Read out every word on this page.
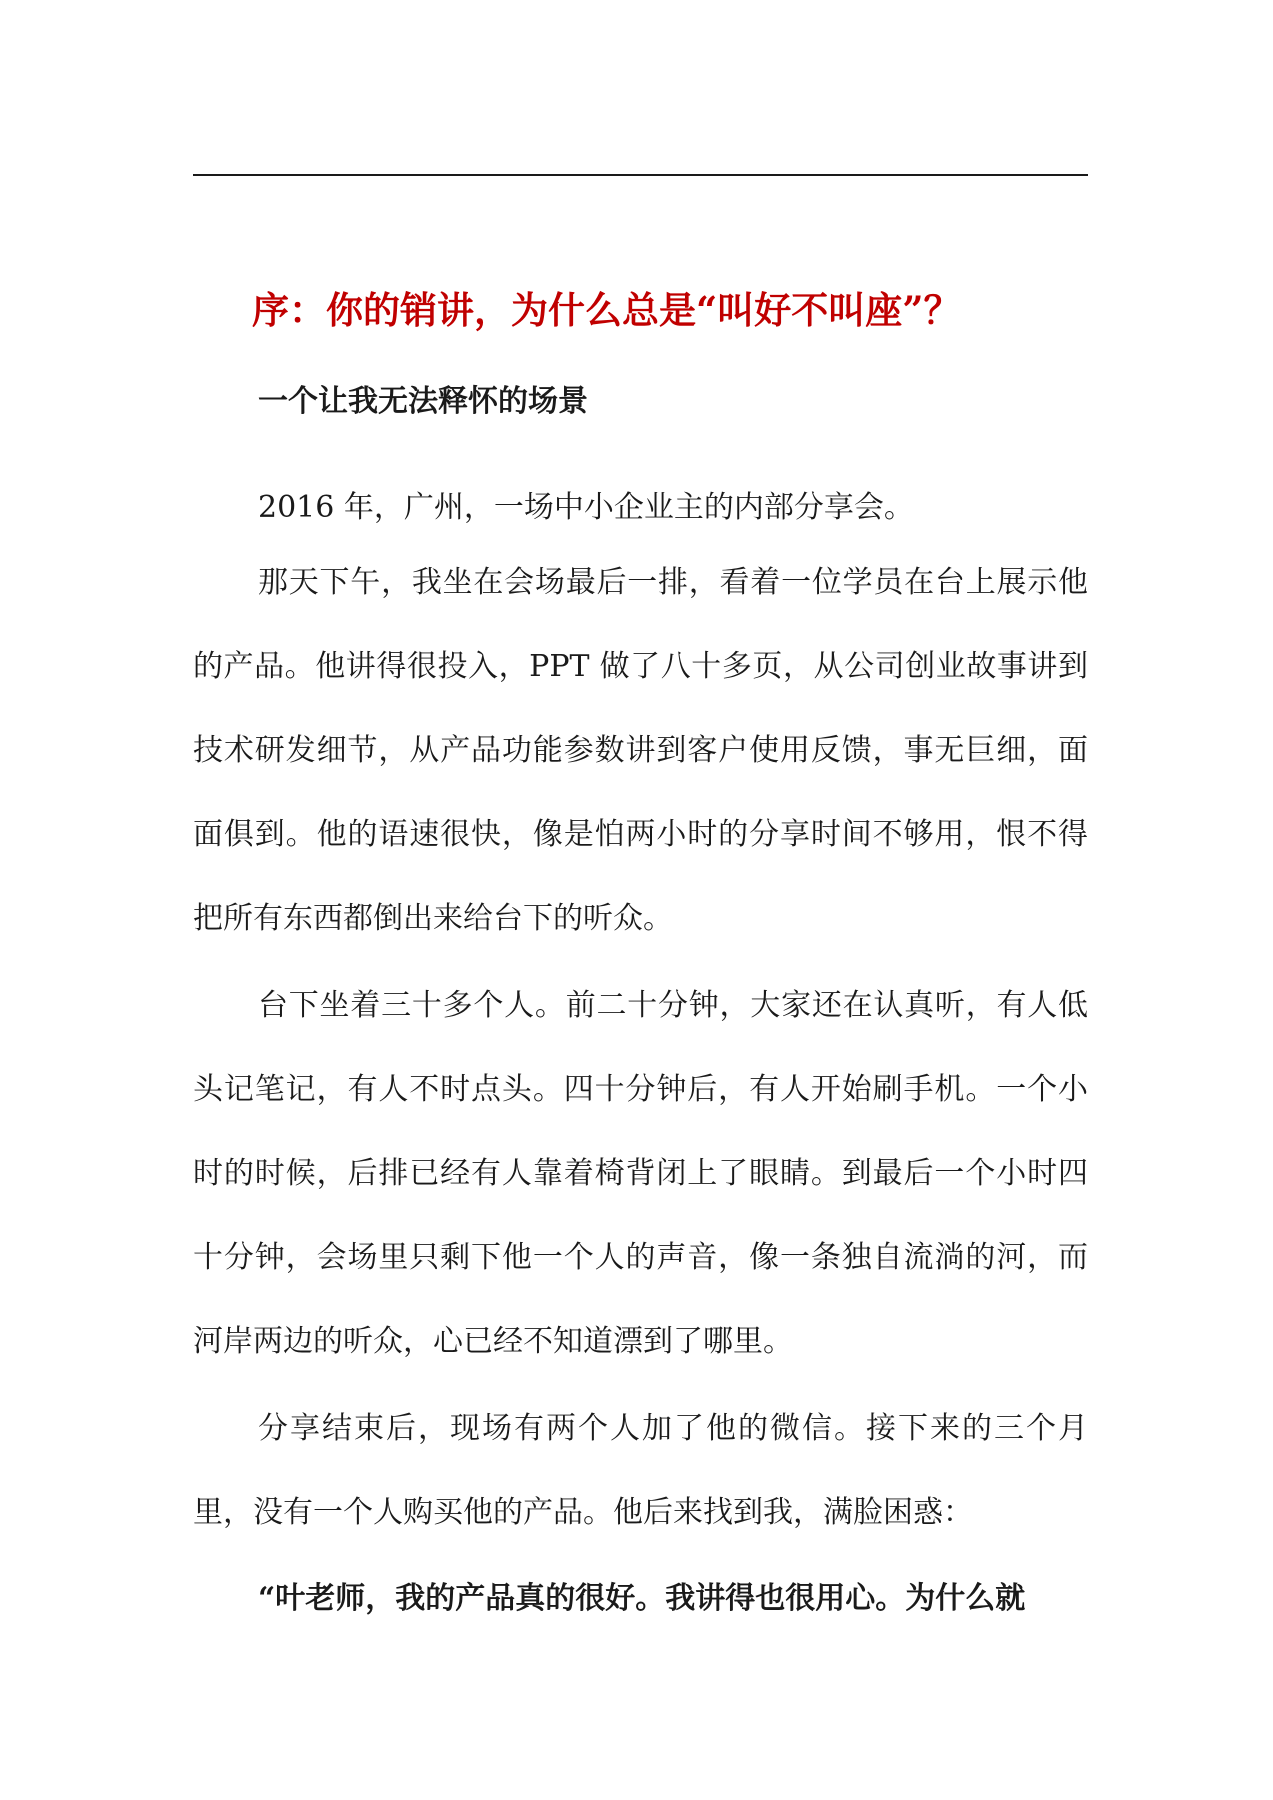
序：你的销讲，为什么总是“叫好不叫座”？
一个让我无法释怀的场景

2016 年，广州，一场中小企业主的内部分享会。

那天下午，我坐在会场最后一排，看着一位学员在台上展示他的产品。他讲得很投入，PPT 做了八十多页，从公司创业故事讲到技术研发细节，从产品功能参数讲到客户使用反馈，事无巨细，面面俱到。他的语速很快，像是怕两小时的分享时间不够用，恨不得把所有东西都倒出来给台下的听众。

台下坐着三十多个人。前二十分钟，大家还在认真听，有人低头记笔记，有人不时点头。四十分钟后，有人开始刷手机。一个小时的时候，后排已经有人靠着椅背闭上了眼睛。到最后一个小时四十分钟，会场里只剩下他一个人的声音，像一条独自流淌的河，而河岸两边的听众，心已经不知道漂到了哪里。

分享结束后，现场有两个人加了他的微信。接下来的三个月里，没有一个人购买他的产品。他后来找到我，满脸困惑：

“叶老师，我的产品真的很好。我讲得也很用心。为什么就
